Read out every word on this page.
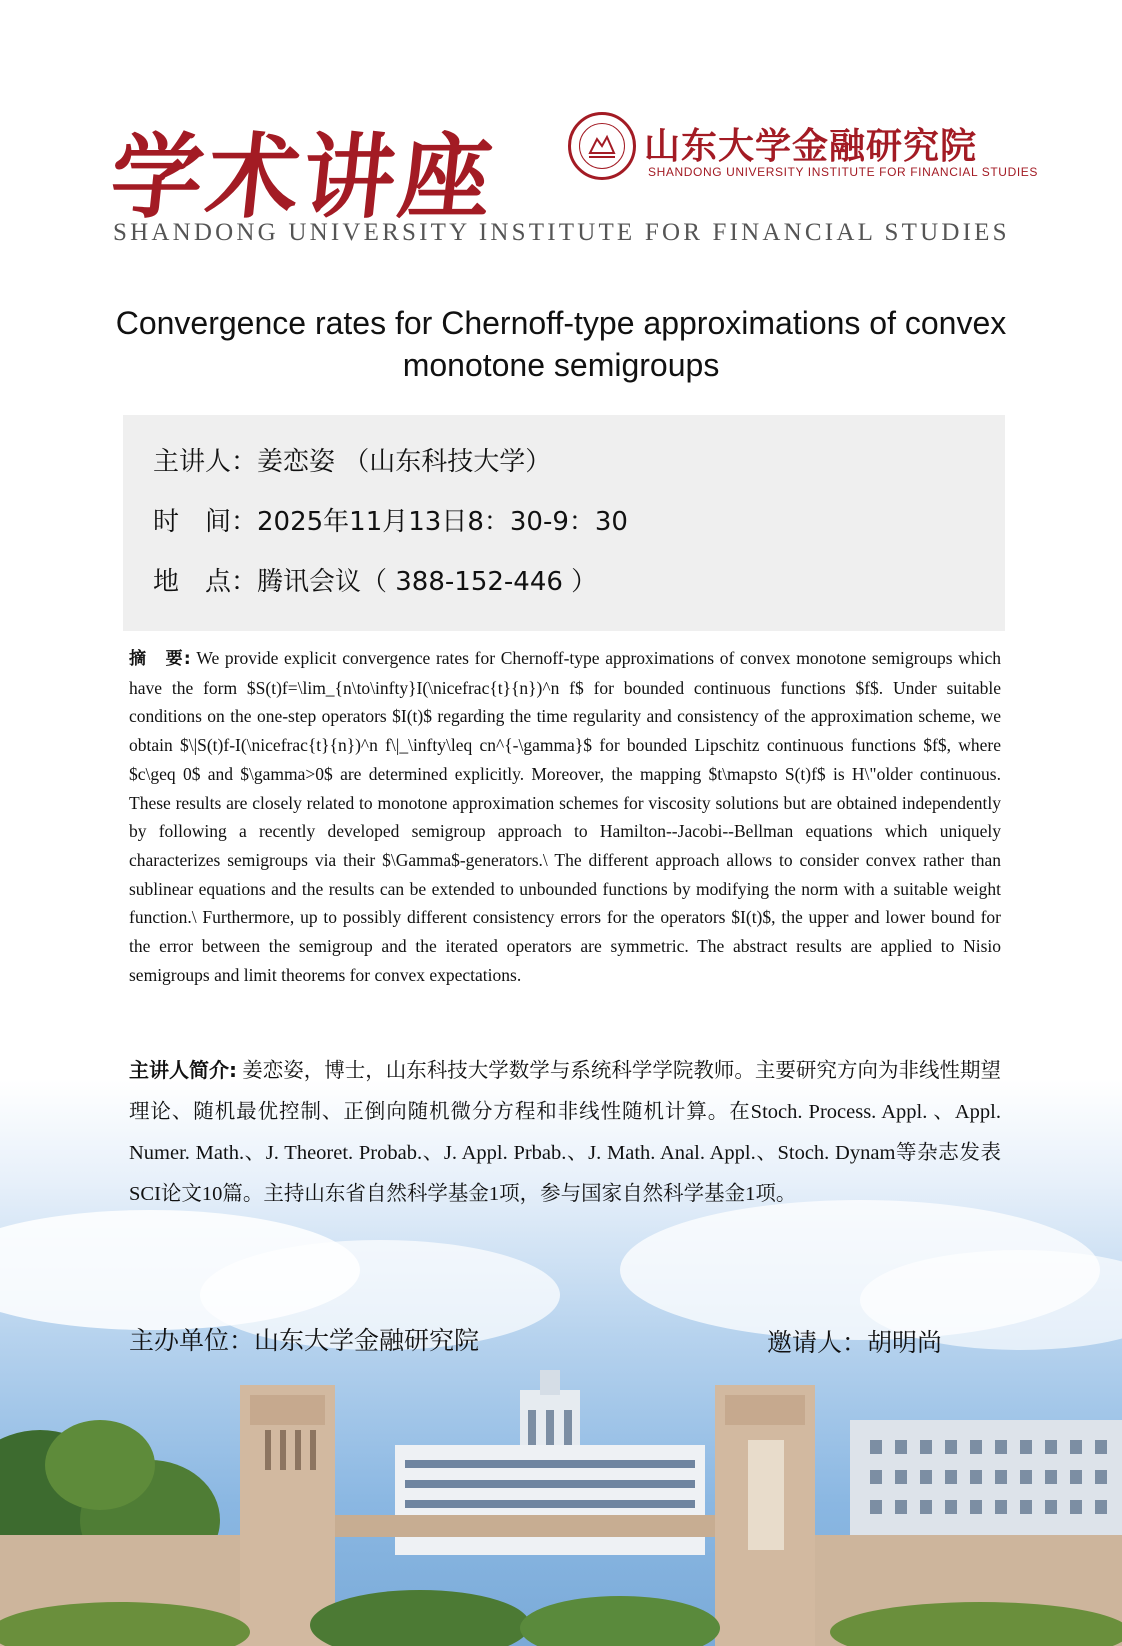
学术讲座	山东大学金融研究院
SHANDONG UNIVERSITY INSTITUTE FOR FINANCIAL STUDIES
SHANDONG UNIVERSITY INSTITUTE FOR FINANCIAL STUDIES
Convergence rates for Chernoff-type approximations of convex monotone semigroups
主讲人：姜恋姿 （山东科技大学）
时　间：2025年11月13日8：30-9：30
地　点：腾讯会议（ 388-152-446 ）
摘　要: We provide explicit convergence rates for Chernoff-type approximations of convex monotone semigroups which have the form $S(t)f=\lim_{n\to\infty}I(\nicefrac{t}{n})^n f$ for bounded continuous functions $f$. Under suitable conditions on the one-step operators $I(t)$ regarding the time regularity and consistency of the approximation scheme, we obtain $\|S(t)f-I(\nicefrac{t}{n})^n f\|_\infty\leq cn^{-\gamma}$ for bounded Lipschitz continuous functions $f$, where $c\geq 0$ and $\gamma>0$ are determined explicitly. Moreover, the mapping $t\mapsto S(t)f$ is H\"older continuous. These results are closely related to monotone approximation schemes for viscosity solutions but are obtained independently by following a recently developed semigroup approach to Hamilton--Jacobi--Bellman equations which uniquely characterizes semigroups via their $\Gamma$-generators.\ The different approach allows to consider convex rather than sublinear equations and the results can be extended to unbounded functions by modifying the norm with a suitable weight function.\ Furthermore, up to possibly different consistency errors for the operators $I(t)$, the upper and lower bound for the error between the semigroup and the iterated operators are symmetric. The abstract results are applied to Nisio semigroups and limit theorems for convex expectations.
主讲人简介: 姜恋姿，博士，山东科技大学数学与系统科学学院教师。主要研究方向为非线性期望理论、随机最优控制、正倒向随机微分方程和非线性随机计算。在Stoch. Process. Appl. 、Appl. Numer. Math.、J. Theoret. Probab.、J. Appl. Prbab.、J. Math. Anal. Appl.、Stoch. Dynam等杂志发表SCI论文10篇。主持山东省自然科学基金1项，参与国家自然科学基金1项。
主办单位：山东大学金融研究院	邀请人：胡明尚
